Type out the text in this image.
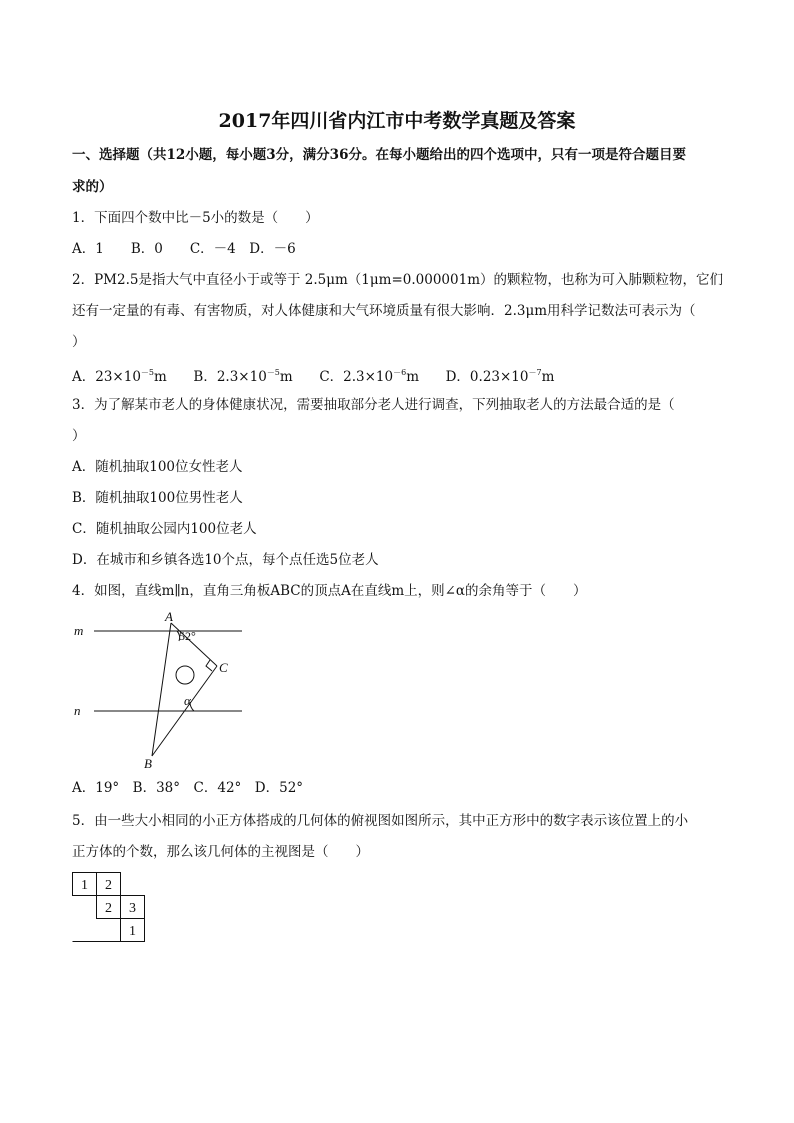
2017年四川省内江市中考数学真题及答案
一、选择题（共12小题，每小题3分，满分36分。在每小题给出的四个选项中，只有一项是符合题目要
求的）
1．下面四个数中比－5小的数是（　　）
A．1　　B．0　　C．－4　D．－6
2．PM2.5是指大气中直径小于或等于 2.5μm（1μm=0.000001m）的颗粒物，也称为可入肺颗粒物，它们
还有一定量的有毒、有害物质，对人体健康和大气环境质量有很大影响．2.3μm用科学记数法可表示为（
）
A．$23\times 10^{-5}m$ B．$2.3\times 10^{-5}m$ C．$2.3\times 10^{-6}m$ D．$0.23\times 10^{-7}m$
3．为了解某市老人的身体健康状况，需要抽取部分老人进行调查，下列抽取老人的方法最合适的是（
）
A．随机抽取100位女性老人
B．随机抽取100位男性老人
C．随机抽取公园内100位老人
D．在城市和乡镇各选10个点，每个点任选5位老人
4．如图，直线m∥n，直角三角板ABC的顶点A在直线m上，则∠α的余角等于（　　）
m
n
A
C
B
α
52°
A．19°　B．38°　C．42°　D．52°
5．由一些大小相同的小正方体搭成的几何体的俯视图如图所示，其中正方形中的数字表示该位置上的小
正方体的个数，那么该几何体的主视图是（　　）
1 2
2 3
1
